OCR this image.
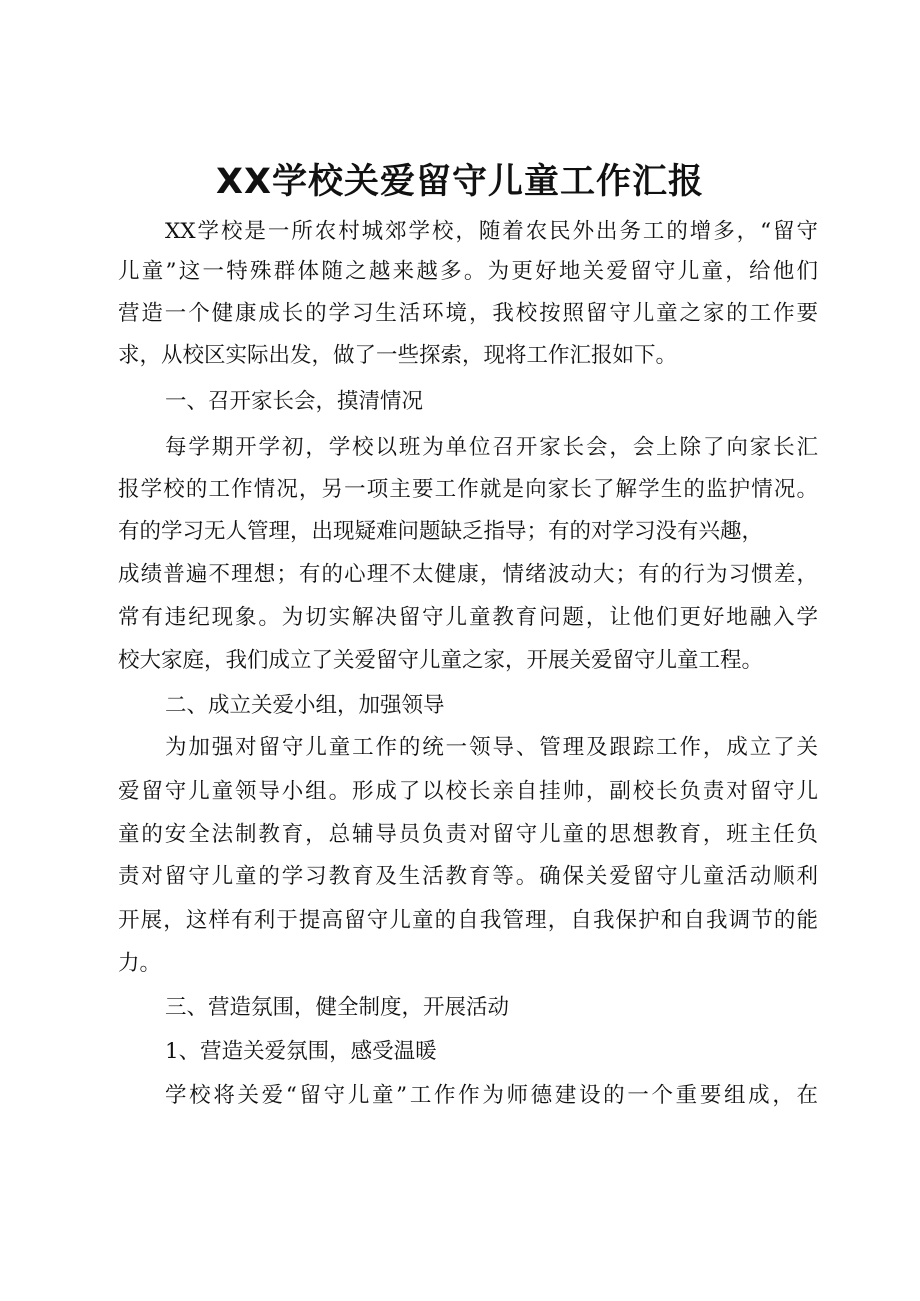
XX学校关爱留守儿童工作汇报

XX学校是一所农村城郊学校，随着农民外出务工的增多，“留守

儿童”这一特殊群体随之越来越多。为更好地关爱留守儿童，给他们

营造一个健康成长的学习生活环境，我校按照留守儿童之家的工作要

求，从校区实际出发，做了一些探索，现将工作汇报如下。

一、召开家长会，摸清情况

每学期开学初，学校以班为单位召开家长会，会上除了向家长汇

报学校的工作情况，另一项主要工作就是向家长了解学生的监护情况。

有的学习无人管理，出现疑难问题缺乏指导；有的对学习没有兴趣，

成绩普遍不理想；有的心理不太健康，情绪波动大；有的行为习惯差，

常有违纪现象。为切实解决留守儿童教育问题，让他们更好地融入学

校大家庭，我们成立了关爱留守儿童之家，开展关爱留守儿童工程。

二、成立关爱小组，加强领导

为加强对留守儿童工作的统一领导、管理及跟踪工作，成立了关

爱留守儿童领导小组。形成了以校长亲自挂帅，副校长负责对留守儿

童的安全法制教育，总辅导员负责对留守儿童的思想教育，班主任负

责对留守儿童的学习教育及生活教育等。确保关爱留守儿童活动顺利

开展，这样有利于提高留守儿童的自我管理，自我保护和自我调节的能

力。

三、营造氛围，健全制度，开展活动

1、营造关爱氛围，感受温暖

学校将关爱“留守儿童”工作作为师德建设的一个重要组成，在
